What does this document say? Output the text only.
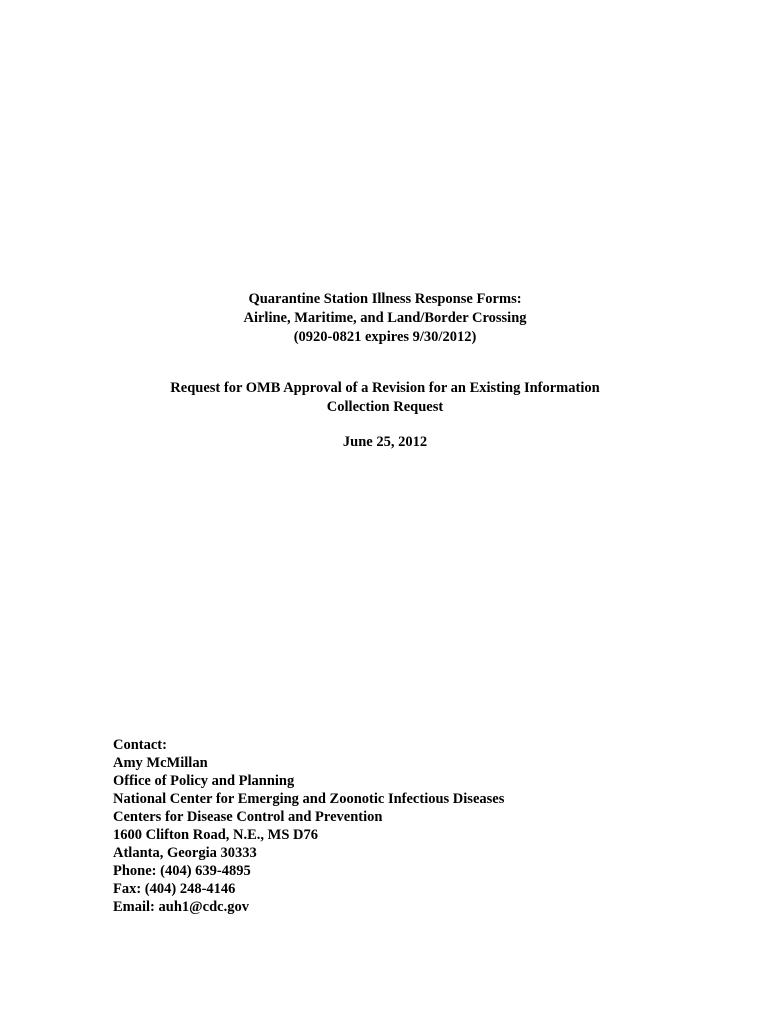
Quarantine Station Illness Response Forms:
Airline, Maritime, and Land/Border Crossing
(0920-0821 expires 9/30/2012)
Request for OMB Approval of a Revision for an Existing Information
Collection Request
June 25, 2012
Contact:
Amy McMillan
Office of Policy and Planning
National Center for Emerging and Zoonotic Infectious Diseases
Centers for Disease Control and Prevention
1600 Clifton Road, N.E., MS D76
Atlanta, Georgia 30333
Phone: (404) 639-4895
Fax: (404) 248-4146
Email: auh1@cdc.gov
